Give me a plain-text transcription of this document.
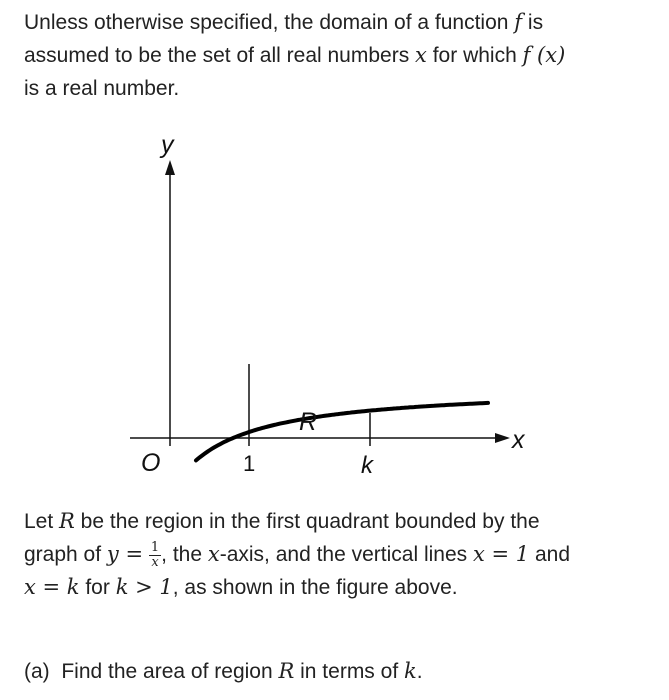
Unless otherwise specified, the domain of a function f is
assumed to be the set of all real numbers x for which f (x)
is a real number.
y
x
O	1	k
R
Let R be the region in the first quadrant bounded by the
graph of $y = \frac{1}{x}$ , the x-axis, and the vertical lines x = 1 and
x = k for k > 1, as shown in the figure above.
(a) Find the area of region R in terms of k.
